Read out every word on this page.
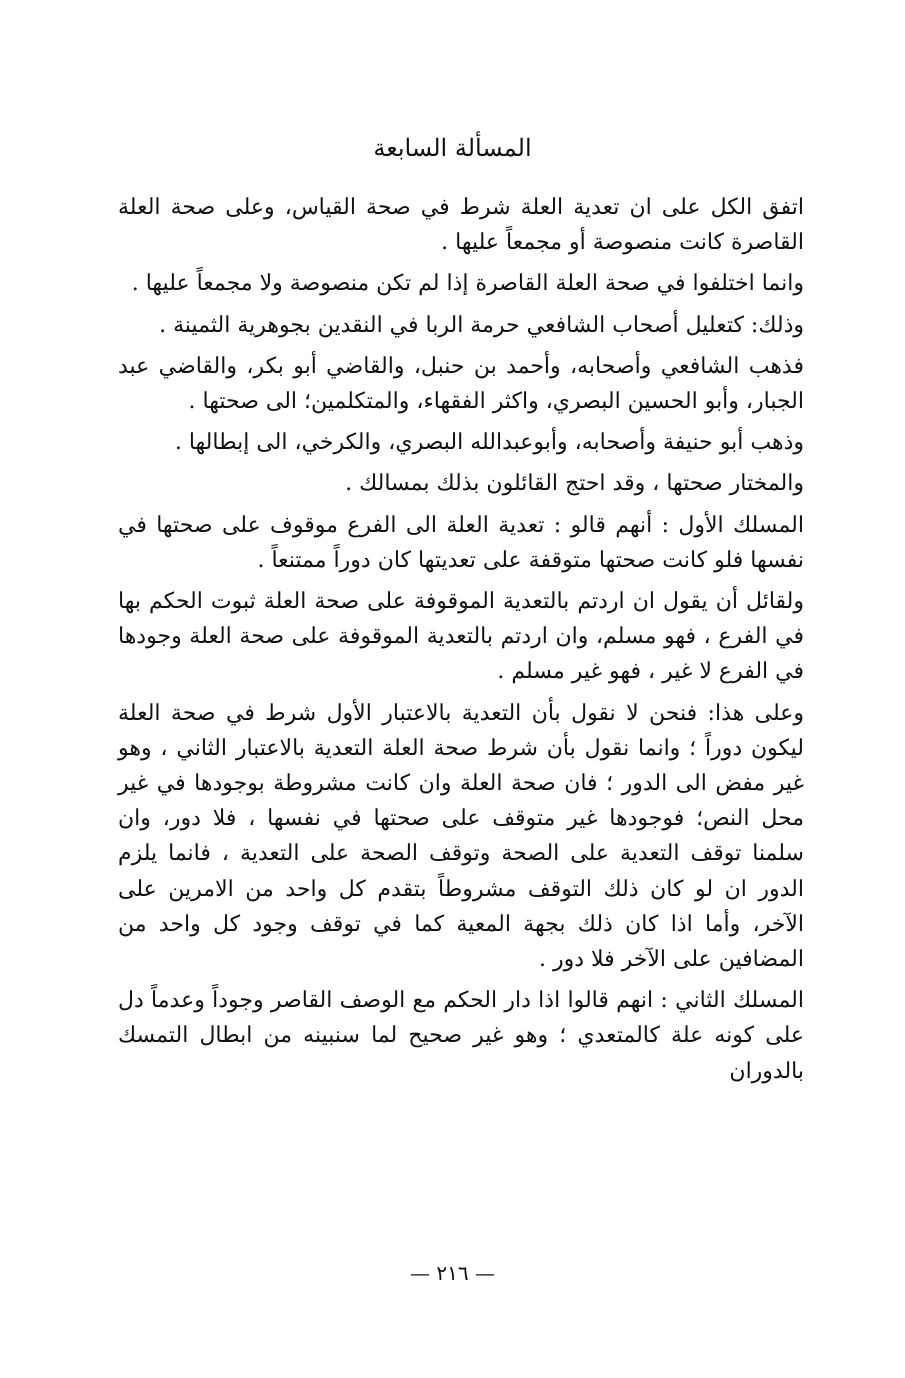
المسألة السابعة

اتفق الكل على ان تعدية العلة شرط في صحة القياس، وعلى صحة العلة القاصرة كانت منصوصة أو مجمعاً عليها .

وانما اختلفوا في صحة العلة القاصرة إذا لم تكن منصوصة ولا مجمعاً عليها .

وذلك: كتعليل أصحاب الشافعي حرمة الربا في النقدين بجوهرية الثمينة .

فذهب الشافعي وأصحابه، وأحمد بن حنبل، والقاضي أبو بكر، والقاضي عبد الجبار، وأبو الحسين البصري، واكثر الفقهاء، والمتكلمين؛ الى صحتها .

وذهب أبو حنيفة وأصحابه، وأبوعبدالله البصري، والكرخي، الى إبطالها .

والمختار صحتها ، وقد احتج القائلون بذلك بمسالك .

المسلك الأول : أنهم قالو : تعدية العلة الى الفرع موقوف على صحتها في نفسها فلو كانت صحتها متوقفة على تعديتها كان دوراً ممتنعاً .

ولقائل أن يقول ان اردتم بالتعدية الموقوفة على صحة العلة ثبوت الحكم بها في الفرع ، فهو مسلم، وان اردتم بالتعدية الموقوفة على صحة العلة وجودها في الفرع لا غير ، فهو غير مسلم .

وعلى هذا: فنحن لا نقول بأن التعدية بالاعتبار الأول شرط في صحة العلة ليكون دوراً ؛ وانما نقول بأن شرط صحة العلة التعدية بالاعتبار الثاني ، وهو غير مفض الى الدور ؛ فان صحة العلة وان كانت مشروطة بوجودها في غير محل النص؛ فوجودها غير متوقف على صحتها في نفسها ، فلا دور، وان سلمنا توقف التعدية على الصحة وتوقف الصحة على التعدية ، فانما يلزم الدور ان لو كان ذلك التوقف مشروطاً بتقدم كل واحد من الامرين على الآخر، وأما اذا كان ذلك بجهة المعية كما في توقف وجود كل واحد من المضافين على الآخر فلا دور .

المسلك الثاني : انهم قالوا اذا دار الحكم مع الوصف القاصر وجوداً وعدماً دل على كونه علة كالمتعدي ؛ وهو غير صحيح لما سنبينه من ابطال التمسك بالدوران

— ٢١٦ —
